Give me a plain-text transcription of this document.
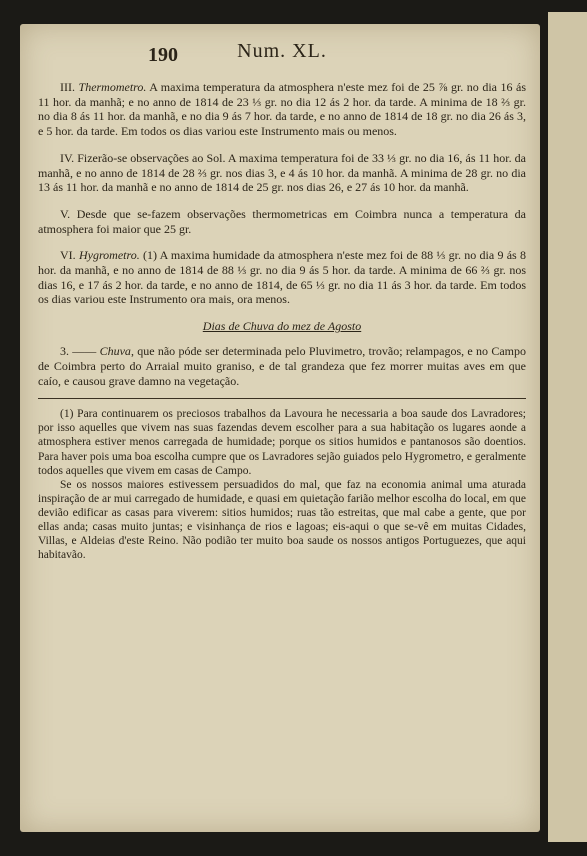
190	Num. XL.

III. Thermometro. A maxima temperatura da atmosphera n'este mez foi de 25 ⅞ gr. no dia 16 ás 11 hor. da manhã; e no anno de 1814 de 23 ⅓ gr. no dia 12 ás 2 hor. da tarde. A minima de 18 ⅔ gr. no dia 8 ás 11 hor. da manhã, e no dia 9 ás 7 hor. da tarde, e no anno de 1814 de 18 gr. no dia 26 ás 3, e 5 hor. da tarde. Em todos os dias variou este Instrumento mais ou menos.

IV. Fizerão-se observações ao Sol. A maxima temperatura foi de 33 ⅓ gr. no dia 16, ás 11 hor. da manhã, e no anno de 1814 de 28 ⅔ gr. nos dias 3, e 4 ás 10 hor. da manhã. A minima de 28 gr. no dia 13 ás 11 hor. da manhã e no anno de 1814 de 25 gr. nos dias 26, e 27 ás 10 hor. da manhã.

V. Desde que se-fazem observações thermometricas em Coimbra nunca a temperatura da atmosphera foi maior que 25 gr.

VI. Hygrometro. (1) A maxima humidade da atmosphera n'este mez foi de 88 ⅓ gr. no dia 9 ás 8 hor. da manhã, e no anno de 1814 de 88 ⅓ gr. no dia 9 ás 5 hor. da tarde. A minima de 66 ⅔ gr. nos dias 16, e 17 ás 2 hor. da tarde, e no anno de 1814, de 65 ⅓ gr. no dia 11 ás 3 hor. da tarde. Em todos os dias variou este Instrumento ora mais, ora menos.

Dias de Chuva do mez de Agosto

3. —— Chuva, que não póde ser determinada pelo Pluvimetro, trovão; relampagos, e no Campo de Coimbra perto do Arraial muito graniso, e de tal grandeza que fez morrer muitas aves em que caío, e causou grave damno na vegetação.

(1) Para continuarem os preciosos trabalhos da Lavoura he necessaria a boa saude dos Lavradores; por isso aquelles que vivem nas suas fazendas devem escolher para a sua habitação os lugares aonde a atmosphera estiver menos carregada de humidade; porque os sitios humidos e pantanosos são doentios. Para haver pois uma boa escolha cumpre que os Lavradores sejão guiados pelo Hygrometro, e geralmente todos aquelles que vivem em casas de Campo.

Se os nossos maiores estivessem persuadidos do mal, que faz na economia animal uma aturada inspiração de ar mui carregado de humidade, e quasi em quietação farião melhor escolha do local, em que devião edificar as casas para viverem: sitios humidos; ruas tão estreitas, que mal cabe a gente, que por ellas anda; casas muito juntas; e visinhança de rios e lagoas; eis-aqui o que se-vê em muitas Cidades, Villas, e Aldeias d'este Reino. Não podião ter muito boa saude os nossos antigos Portuguezes, que aqui habitavão.
